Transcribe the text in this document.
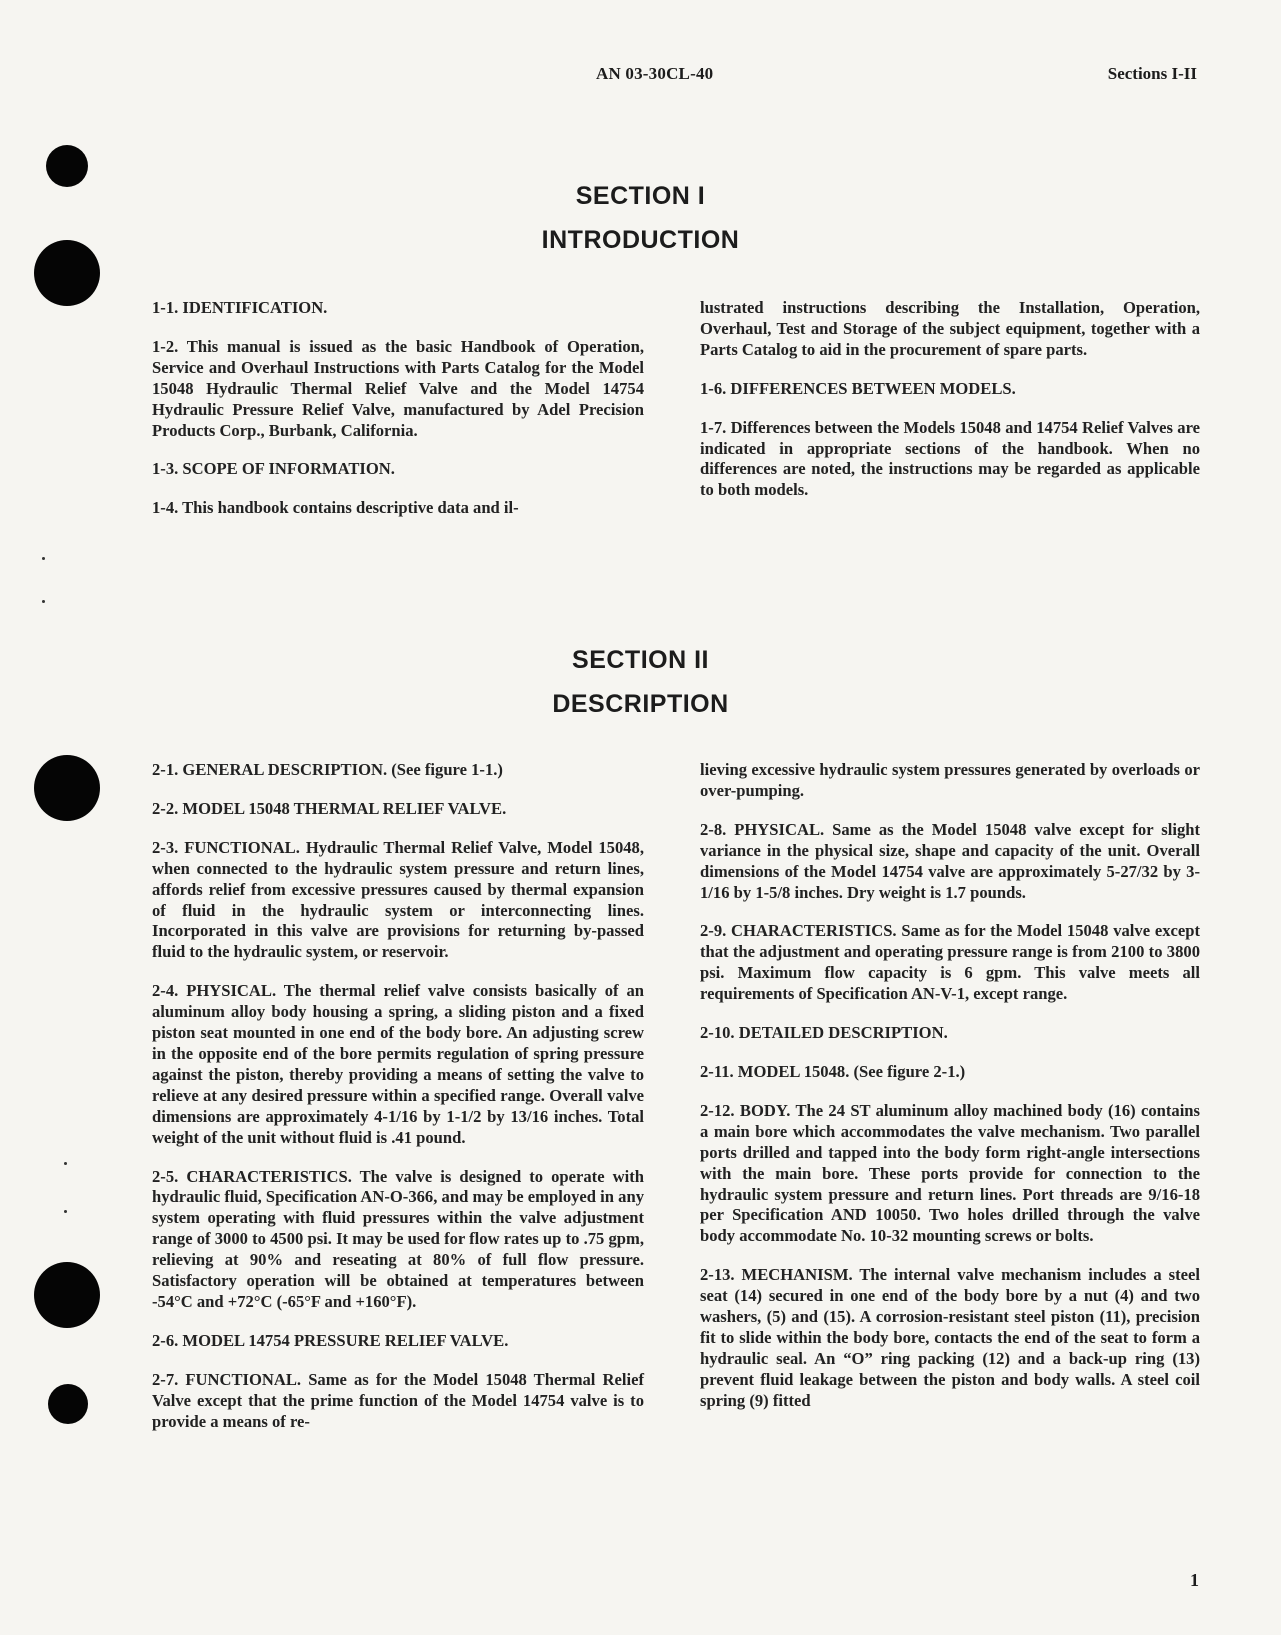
AN 03-30CL-40	Sections I-II
SECTION I
INTRODUCTION

1-1. IDENTIFICATION.

1-2. This manual is issued as the basic Handbook of Operation, Service and Overhaul Instructions with Parts Catalog for the Model 15048 Hydraulic Thermal Relief Valve and the Model 14754 Hydraulic Pressure Relief Valve, manufactured by Adel Precision Products Corp., Burbank, California.

1-3. SCOPE OF INFORMATION.

1-4. This handbook contains descriptive data and il-

lustrated instructions describing the Installation, Operation, Overhaul, Test and Storage of the subject equipment, together with a Parts Catalog to aid in the procurement of spare parts.

1-6. DIFFERENCES BETWEEN MODELS.

1-7. Differences between the Models 15048 and 14754 Relief Valves are indicated in appropriate sections of the handbook. When no differences are noted, the instructions may be regarded as applicable to both models.

SECTION II
DESCRIPTION

2-1. GENERAL DESCRIPTION. (See figure 1-1.)

2-2. MODEL 15048 THERMAL RELIEF VALVE.

2-3. FUNCTIONAL. Hydraulic Thermal Relief Valve, Model 15048, when connected to the hydraulic system pressure and return lines, affords relief from excessive pressures caused by thermal expansion of fluid in the hydraulic system or interconnecting lines. Incorporated in this valve are provisions for returning by-passed fluid to the hydraulic system, or reservoir.

2-4. PHYSICAL. The thermal relief valve consists basically of an aluminum alloy body housing a spring, a sliding piston and a fixed piston seat mounted in one end of the body bore. An adjusting screw in the opposite end of the bore permits regulation of spring pressure against the piston, thereby providing a means of setting the valve to relieve at any desired pressure within a specified range. Overall valve dimensions are approximately 4-1/16 by 1-1/2 by 13/16 inches. Total weight of the unit without fluid is .41 pound.

2-5. CHARACTERISTICS. The valve is designed to operate with hydraulic fluid, Specification AN-O-366, and may be employed in any system operating with fluid pressures within the valve adjustment range of 3000 to 4500 psi. It may be used for flow rates up to .75 gpm, relieving at 90% and reseating at 80% of full flow pressure. Satisfactory operation will be obtained at temperatures between -54°C and +72°C (-65°F and +160°F).

2-6. MODEL 14754 PRESSURE RELIEF VALVE.

2-7. FUNCTIONAL. Same as for the Model 15048 Thermal Relief Valve except that the prime function of the Model 14754 valve is to provide a means of re-

lieving excessive hydraulic system pressures generated by overloads or over-pumping.

2-8. PHYSICAL. Same as the Model 15048 valve except for slight variance in the physical size, shape and capacity of the unit. Overall dimensions of the Model 14754 valve are approximately 5-27/32 by 3-1/16 by 1-5/8 inches. Dry weight is 1.7 pounds.

2-9. CHARACTERISTICS. Same as for the Model 15048 valve except that the adjustment and operating pressure range is from 2100 to 3800 psi. Maximum flow capacity is 6 gpm. This valve meets all requirements of Specification AN-V-1, except range.

2-10. DETAILED DESCRIPTION.

2-11. MODEL 15048. (See figure 2-1.)

2-12. BODY. The 24 ST aluminum alloy machined body (16) contains a main bore which accommodates the valve mechanism. Two parallel ports drilled and tapped into the body form right-angle intersections with the main bore. These ports provide for connection to the hydraulic system pressure and return lines. Port threads are 9/16-18 per Specification AND 10050. Two holes drilled through the valve body accommodate No. 10-32 mounting screws or bolts.

2-13. MECHANISM. The internal valve mechanism includes a steel seat (14) secured in one end of the body bore by a nut (4) and two washers, (5) and (15). A corrosion-resistant steel piston (11), precision fit to slide within the body bore, contacts the end of the seat to form a hydraulic seal. An “O” ring packing (12) and a back-up ring (13) prevent fluid leakage between the piston and body walls. A steel coil spring (9) fitted

1
